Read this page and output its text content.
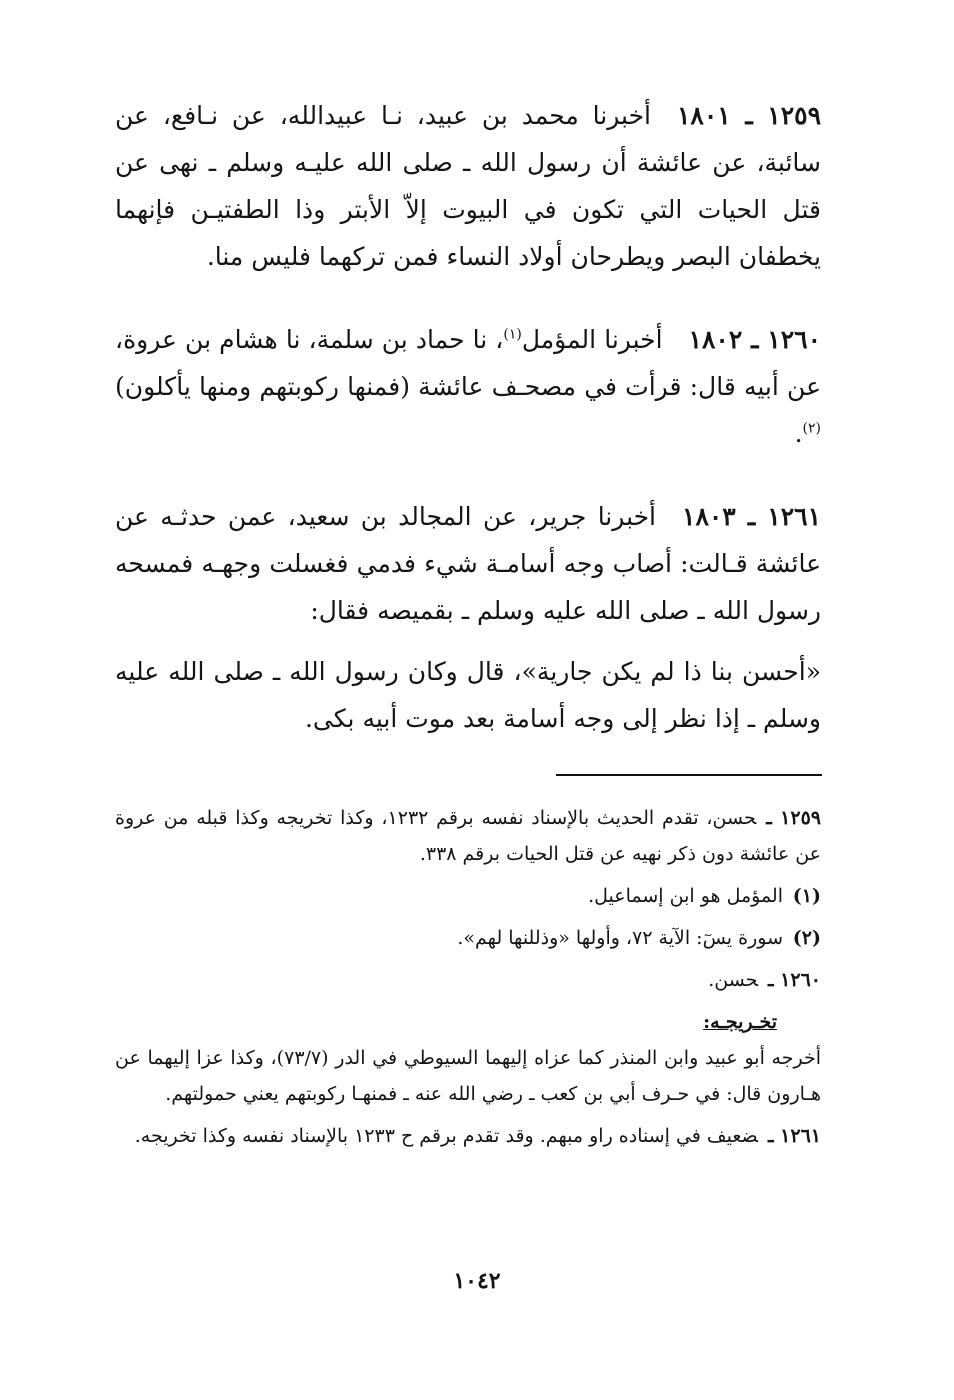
١٢٥٩ ـ ١٨٠١أخبرنا محمد بن عبيد، نـا عبيدالله، عن نـافع، عن سائبة، عن عائشة أن رسول الله ـ صلى الله عليـه وسلم ـ نهى عن قتل الحيات التي تكون في البيوت إلاّ الأبتر وذا الطفتيـن فإنهما يخطفان البصر ويطرحان أولاد النساء فمن تركهما فليس منا.

١٢٦٠ ـ ١٨٠٢أخبرنا المؤمل$^{(١)}$، نا حماد بن سلمة، نا هشام بن عروة، عن أبيه قال: قرأت في مصحـف عائشة (فمنها ركوبتهم ومنها يأكلون)$^{(٢)}$.

١٢٦١ ـ ١٨٠٣أخبرنا جرير، عن المجالد بن سعيد، عمن حدثـه عن عائشة قـالت: أصاب وجه أسامـة شيء فدمي فغسلت وجهـه فمسحه رسول الله ـ صلى الله عليه وسلم ـ بقميصه فقال:

«أحسن بنا ذا لم يكن جارية»، قال وكان رسول الله ـ صلى الله عليه وسلم ـ إذا نظر إلى وجه أسامة بعد موت أبيه بكى.

١٢٥٩ ـحسن، تقدم الحديث بالإسناد نفسه برقم ١٢٣٢، وكذا تخريجه وكذا قبله من عروة عن عائشة دون ذكر نهيه عن قتل الحيات برقم ٣٣٨.

(١)المؤمل هو ابن إسماعيل.

(٢)سورة يسٓ: الآية ٧٢، وأولها «وذللنها لهم».

١٢٦٠ ـحسن.

تخـريجـه:

أخرجه أبو عبيد وابن المنذر كما عزاه إليهما السيوطي في الدر (٧٣/٧)، وكذا عزا إليهما عن هـارون قال: في حـرف أبي بن كعب ـ رضي الله عنه ـ فمنهـا ركوبتهم يعني حمولتهم.

١٢٦١ ـضعيف في إسناده راو مبهم. وقد تقدم برقم ح ١٢٣٣ بالإسناد نفسه وكذا تخريجه.

١٠٤٢
